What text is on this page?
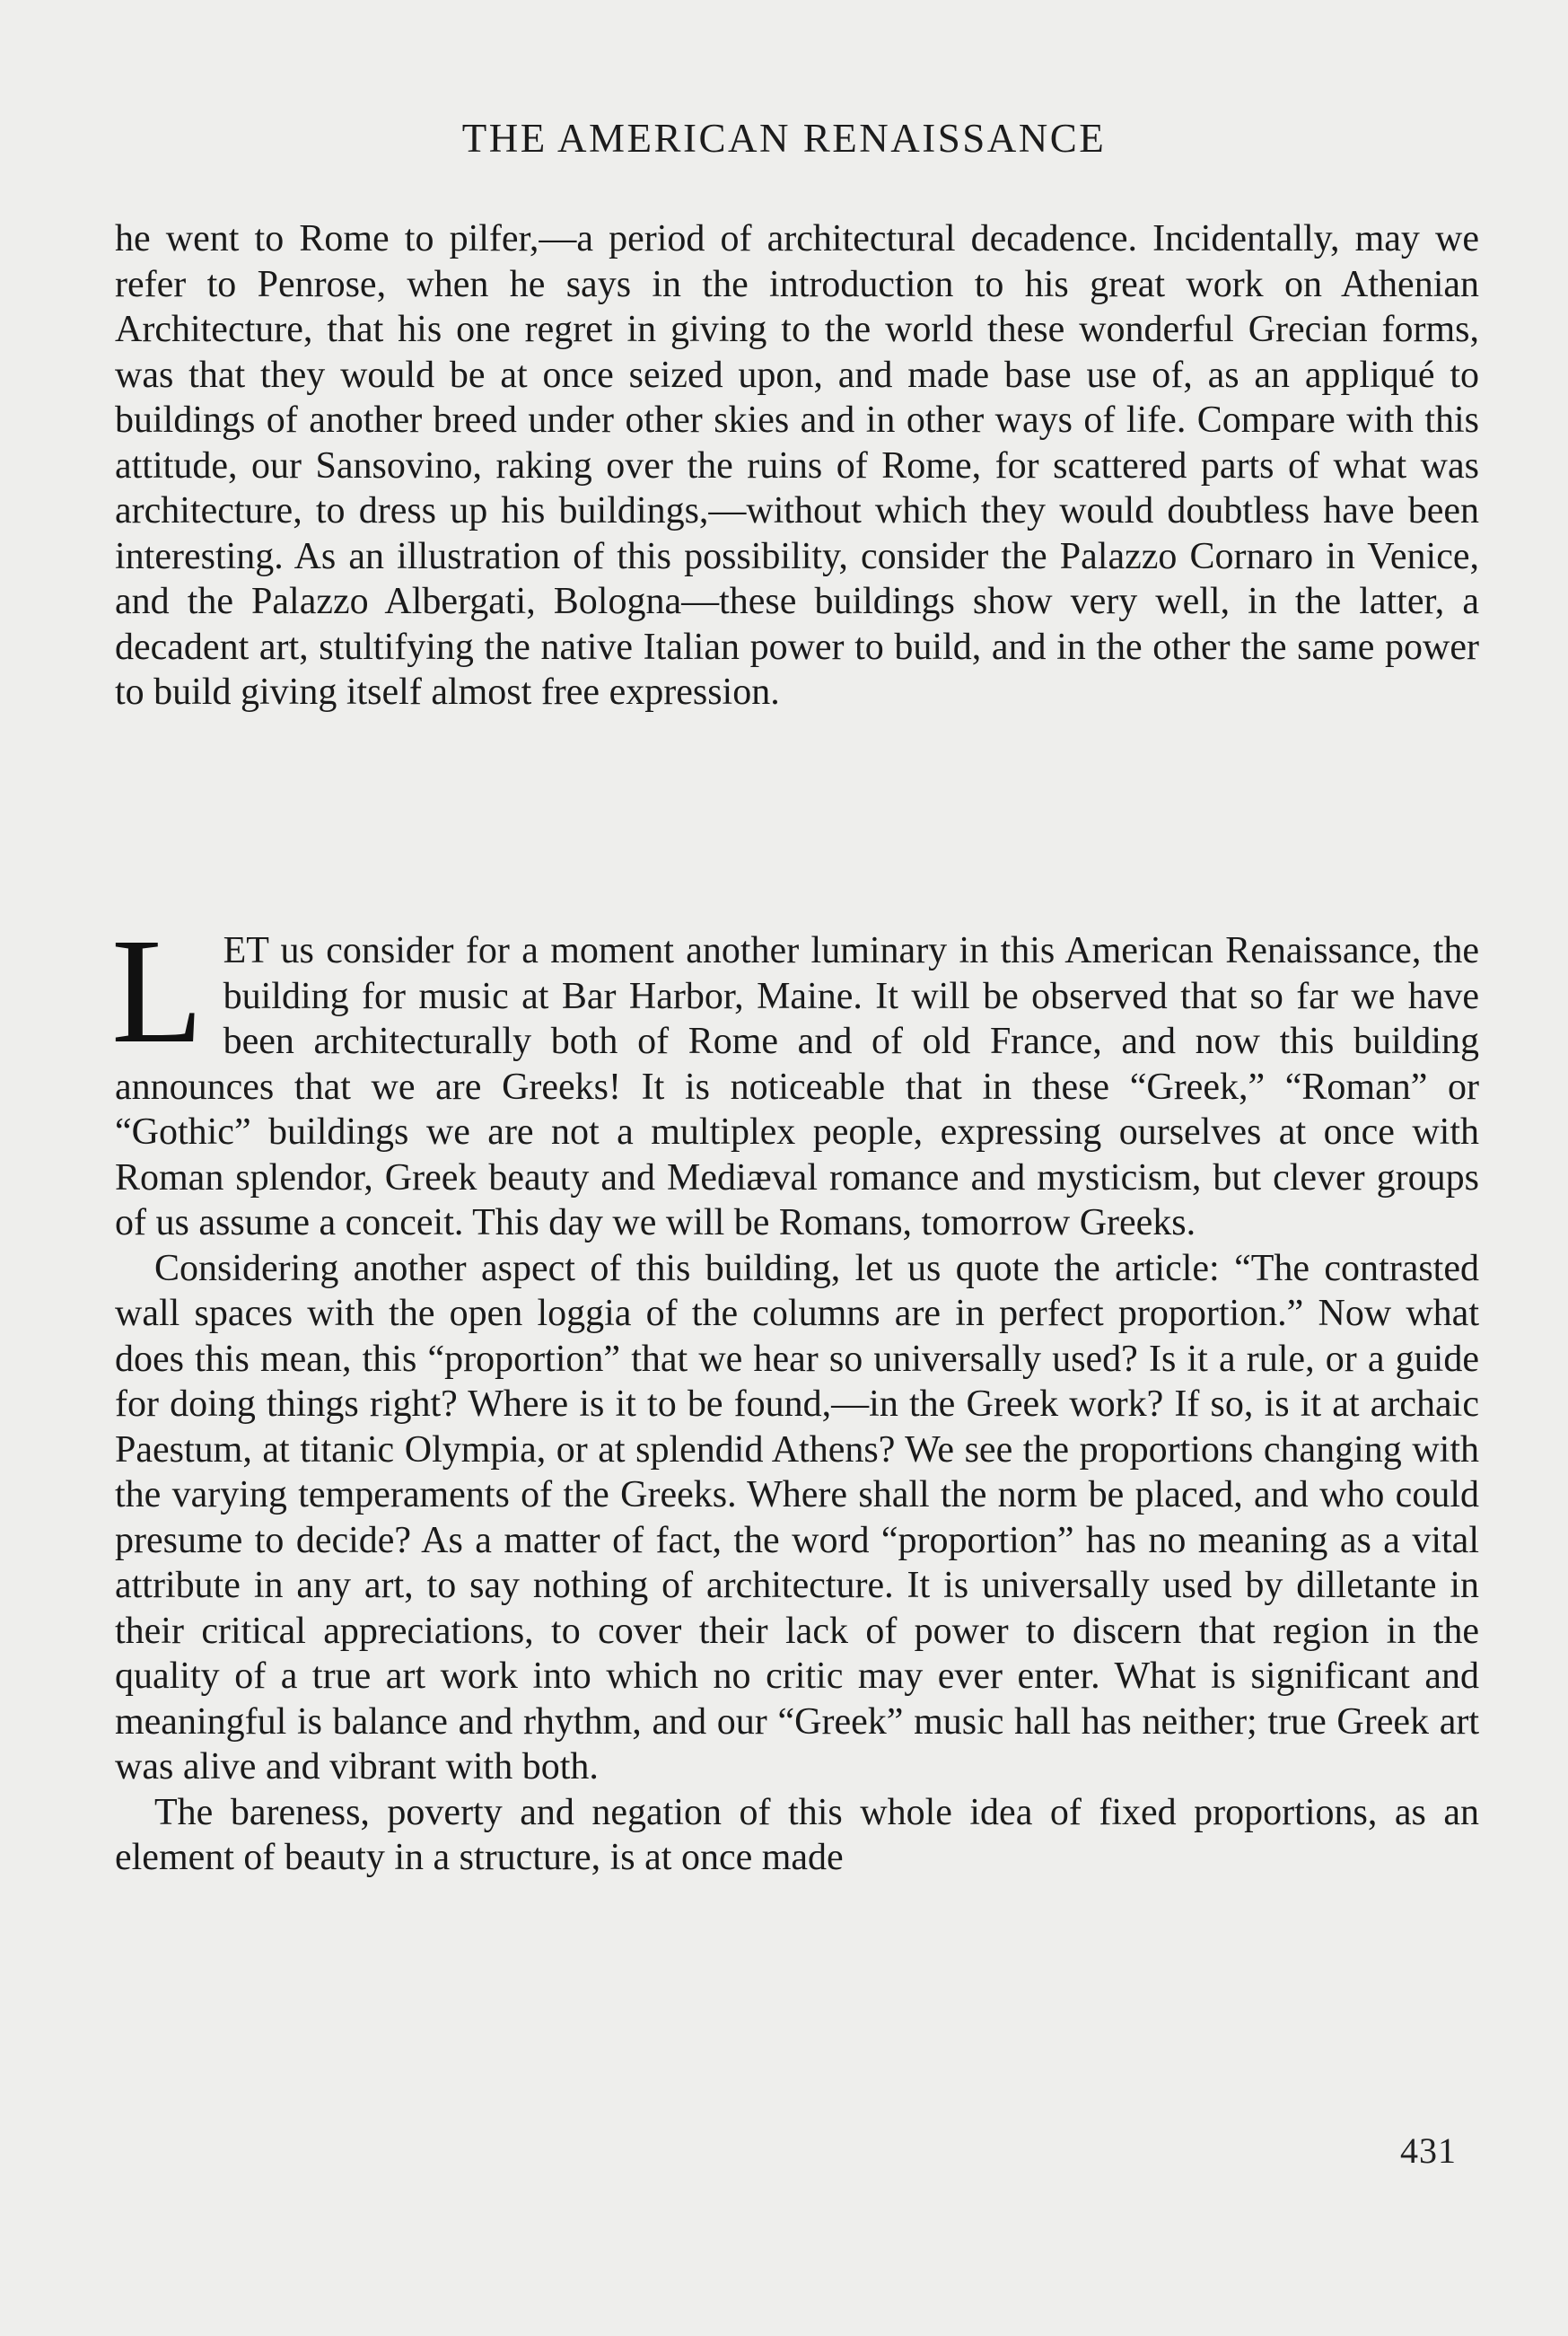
THE AMERICAN RENAISSANCE

he went to Rome to pilfer,—a period of architectural decadence. Incidentally, may we refer to Penrose, when he says in the introduction to his great work on Athenian Architecture, that his one regret in giving to the world these wonderful Grecian forms, was that they would be at once seized upon, and made base use of, as an appliqué to buildings of another breed under other skies and in other ways of life. Compare with this attitude, our Sansovino, raking over the ruins of Rome, for scattered parts of what was architecture, to dress up his buildings,—without which they would doubtless have been interesting. As an illustration of this possibility, consider the Palazzo Cornaro in Venice, and the Palazzo Albergati, Bologna—these buildings show very well, in the latter, a decadent art, stultifying the native Italian power to build, and in the other the same power to build giving itself almost free expression.

L ET us consider for a moment another luminary in this American Renaissance, the building for music at Bar Harbor, Maine. It will be observed that so far we have been architecturally both of Rome and of old France, and now this building announces that we are Greeks! It is noticeable that in these “Greek,” “Roman” or “Gothic” buildings we are not a multiplex people, expressing ourselves at once with Roman splendor, Greek beauty and Mediæval romance and mysticism, but clever groups of us assume a conceit. This day we will be Romans, tomorrow Greeks.

Considering another aspect of this building, let us quote the article: “The contrasted wall spaces with the open loggia of the columns are in perfect proportion.” Now what does this mean, this “proportion” that we hear so universally used? Is it a rule, or a guide for doing things right? Where is it to be found,—in the Greek work? If so, is it at archaic Paestum, at titanic Olympia, or at splendid Athens? We see the proportions changing with the varying temperaments of the Greeks. Where shall the norm be placed, and who could presume to decide? As a matter of fact, the word “proportion” has no meaning as a vital attribute in any art, to say nothing of architecture. It is universally used by dilletante in their critical appreciations, to cover their lack of power to discern that region in the quality of a true art work into which no critic may ever enter. What is significant and meaningful is balance and rhythm, and our “Greek” music hall has neither; true Greek art was alive and vibrant with both.

The bareness, poverty and negation of this whole idea of fixed proportions, as an element of beauty in a structure, is at once made

431
